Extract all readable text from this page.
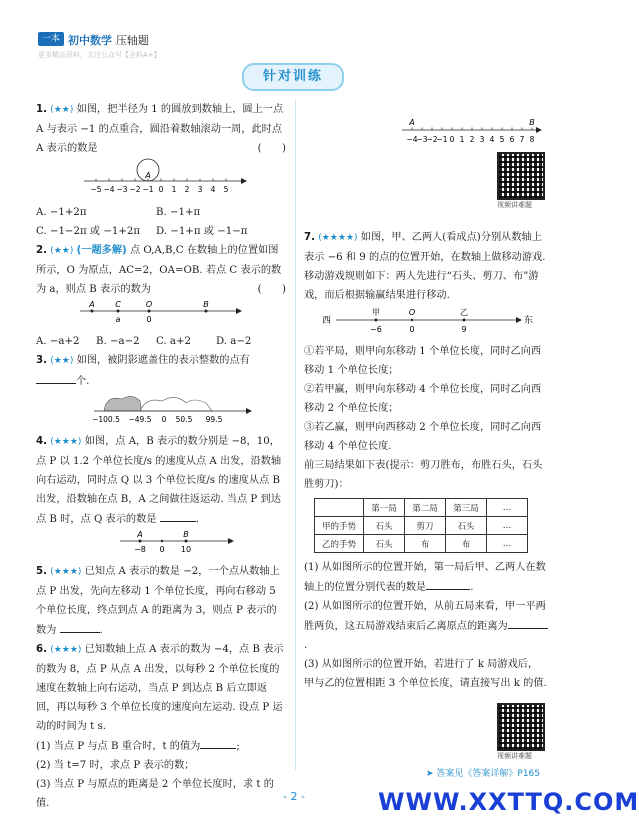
一本 初中数学 压轴题
更多精品资料，关注公众号【全科A+】
针对训练

1. (★★) 如图，把半径为 1 的圆放到数轴上，圆上一点 A 与表示 −1 的点重合，圆沿着数轴滚动一周，此时点 A 表示的数是	(　　)

−5 −4 −3 −2 −1 0 1 2 3 4 5
A

A. −1+2π	B. −1+π
C. −1−2π 或 −1+2π D. −1+π 或 −1−π

2. (★★) (一题多解) 点 O,A,B,C 在数轴上的位置如图所示，O 为原点，AC=2，OA=OB. 若点 C 表示的数为 a，则点 B 表示的数为	(　　)

A	C	O	B
a	0

A. −a+2 B. −a−2 C. a+2 D. a−2

3. (★★) 如图，被阴影遮盖住的表示整数的点有 个.

−100.5 −49.5 0 50.5 99.5

4. (★★★) 如图，点 A，B 表示的数分别是 −8，10，点 P 以 1.2 个单位长度/s 的速度从点 A 出发，沿数轴向右运动，同时点 Q 以 3 个单位长度/s 的速度从点 B 出发，沿数轴在点 B，A 之间做往返运动. 当点 P 到达点 B 时，点 Q 表示的数是	.

A	B
−8 0 10

5. (★★★) 已知点 A 表示的数是 −2，一个点从数轴上点 P 出发，先向左移动 1 个单位长度，再向右移动 5 个单位长度，终点到点 A 的距离为 3，则点 P 表示的数为	.

6. (★★★) 已知数轴上点 A 表示的数为 −4，点 B 表示的数为 8，点 P 从点 A 出发，以每秒 2 个单位长度的速度在数轴上向右运动，当点 P 到达点 B 后立即返回，再以每秒 3 个单位长度的速度向左运动. 设点 P 运动的时间为 t s.

(1) 当点 P 与点 B 重合时，t 的值为	;

(2) 当 t=7 时，求点 P 表示的数；

(3) 当点 P 与原点的距离是 2 个单位长度时，求 t 的值.

−4
−3
−2
−1 0 1 2 3 4 5 6 7 8
A	B
视频讲难题

7. (★★★★) 如图，甲、乙两人(看成点)分别从数轴上表示 −6 和 9 的点的位置开始，在数轴上做移动游戏. 移动游戏规则如下：两人先进行“石头、剪刀、布”游戏，而后根据输赢结果进行移动.

西	东
甲	O	乙
−6	0	9

①若平局，则甲向东移动 1 个单位长度，同时乙向西移动 1 个单位长度；

②若甲赢，则甲向东移动 4 个单位长度，同时乙向西移动 2 个单位长度；

③若乙赢，则甲向西移动 2 个单位长度，同时乙向西移动 4 个单位长度.

前三局结果如下表(提示：剪刀胜布，布胜石头，石头胜剪刀)：

	第一局	第二局	第三局	…
甲的手势	石头	剪刀	石头	…
乙的手势	石头	布	布	…

(1) 从如图所示的位置开始，第一局后甲、乙两人在数轴上的位置分别代表的数是	.

(2) 从如图所示的位置开始，从前五局来看，甲一平两胜两负，这五局游戏结束后乙离原点的距离为.

(3) 从如图所示的位置开始，若进行了 k 局游戏后，甲与乙的位置相距 3 个单位长度，请直接写出 k 的值.

视频讲难题
➤ 答案见《答案详解》P165
- 2 -	WWW.XXTTQ.COM
